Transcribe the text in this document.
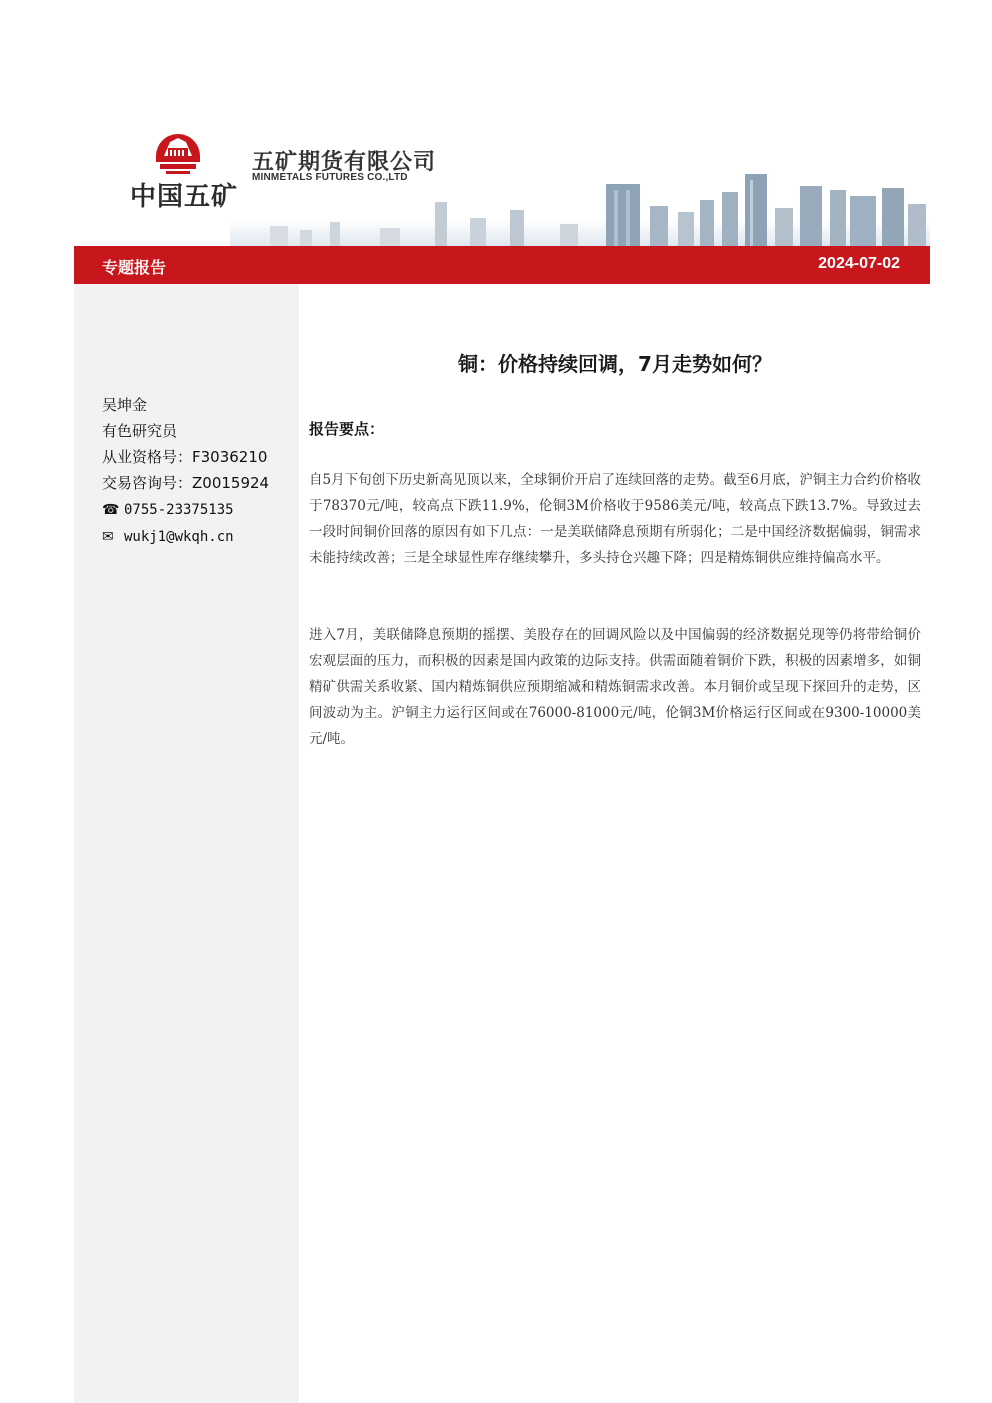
中国五矿
五矿期货有限公司
MINMETALS FUTURES CO.,LTD
专题报告	2024-07-02
吴坤金
有色研究员
从业资格号：F3036210
交易咨询号：Z0015924
☎ 0755-23375135
✉ wukj1@wkqh.cn
铜：价格持续回调，7月走势如何？
报告要点：
自5月下旬创下历史新高见顶以来，全球铜价开启了连续回落的走势。截至6月底，沪铜主力合约价格收于78370元/吨，较高点下跌11.9%，伦铜3M价格收于9586美元/吨，较高点下跌13.7%。导致过去一段时间铜价回落的原因有如下几点：一是美联储降息预期有所弱化；二是中国经济数据偏弱，铜需求未能持续改善；三是全球显性库存继续攀升，多头持仓兴趣下降；四是精炼铜供应维持偏高水平。
进入7月，美联储降息预期的摇摆、美股存在的回调风险以及中国偏弱的经济数据兑现等仍将带给铜价宏观层面的压力，而积极的因素是国内政策的边际支持。供需面随着铜价下跌，积极的因素增多，如铜精矿供需关系收紧、国内精炼铜供应预期缩减和精炼铜需求改善。本月铜价或呈现下探回升的走势，区间波动为主。沪铜主力运行区间或在76000-81000元/吨，伦铜3M价格运行区间或在9300-10000美元/吨。
